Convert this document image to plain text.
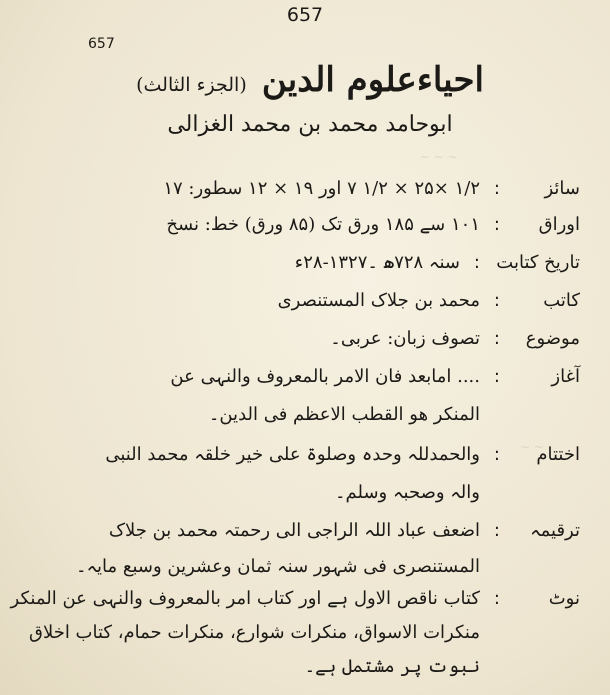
~ ~ ~
~ ~
657
657
احیاءعلوم الدین (الجزء الثالث)
ابوحامد محمد بن محمد الغزالی
سائز
:
۱/۲ ×۲۵ × ۱/۲ ۷ اور ۱۹ × ۱۲ سطور: ۱۷
اوراق
:
۱۰۱ سے ۱۸۵ ورق تک (۸۵ ورق) خط: نسخ
تاریخ کتابت
:
سنہ ۷۲۸ھ ۔۱۳۲۷-۲۸ء
کاتب
:
محمد بن جلاک المستنصری
موضوع
:
تصوف زبان: عربی۔
آغاز
:
.... امابعد فان الامر بالمعروف والنہی عن
المنکر ھو القطب الاعظم فی الدین۔
اختتام
:
والحمدللہ وحدہ وصلوۃ علی خیر خلقہ محمد النبی
والہ وصحبہ وسلم۔
ترقیمہ
:
اضعف عباد اللہ الراجی الی رحمتہ محمد بن جلاک
المستنصری فی شہور سنہ ثمان وعشرین وسبع مایہ۔
نوٹ
:
کتاب ناقص الاول ہے اور کتاب امر بالمعروف والنہی عن المنکر
منکرات الاسواق، منکرات شوارع، منکرات حمام، کتاب اخلاق
نبوت پر مشتمل ہے۔
